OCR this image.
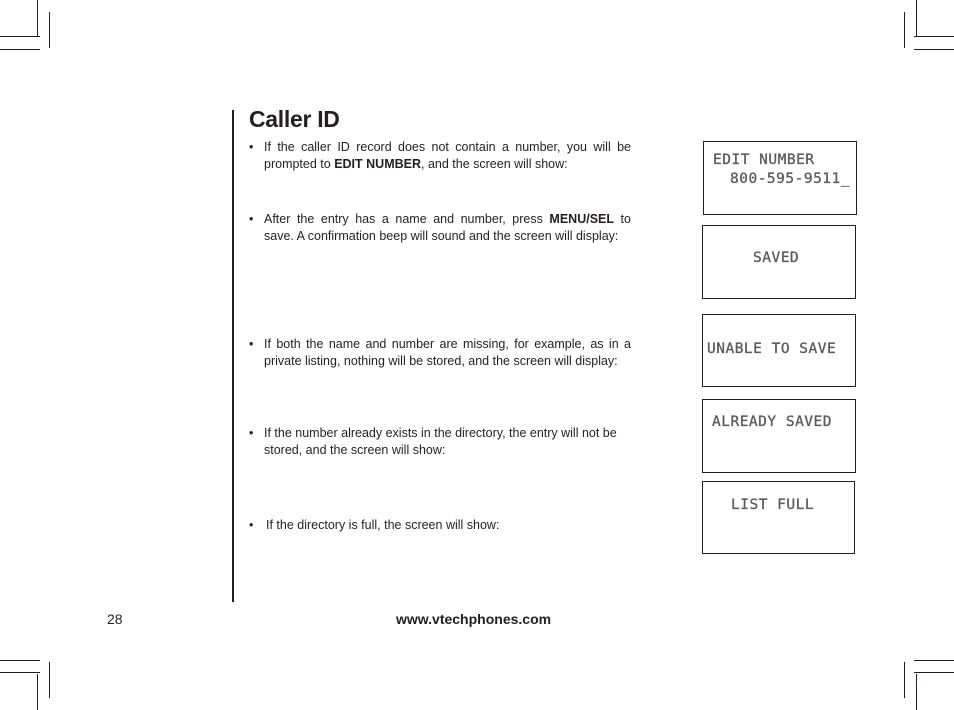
Caller ID
• If the caller ID record does not contain a number, you will be prompted to EDIT NUMBER, and the screen will show:
• After the entry has a name and number, press MENU/SEL to save. A confirmation beep will sound and the screen will display:
• If both the name and number are missing, for example, as in a private listing, nothing will be stored, and the screen will display:
• If the number already exists in the directory, the entry will not be stored, and the screen will show:
• If the directory is full, the screen will show:
EDIT NUMBER
800-595-9511_
SAVED
UNABLE TO SAVE
ALREADY SAVED
LIST FULL
28	www.vtechphones.com
